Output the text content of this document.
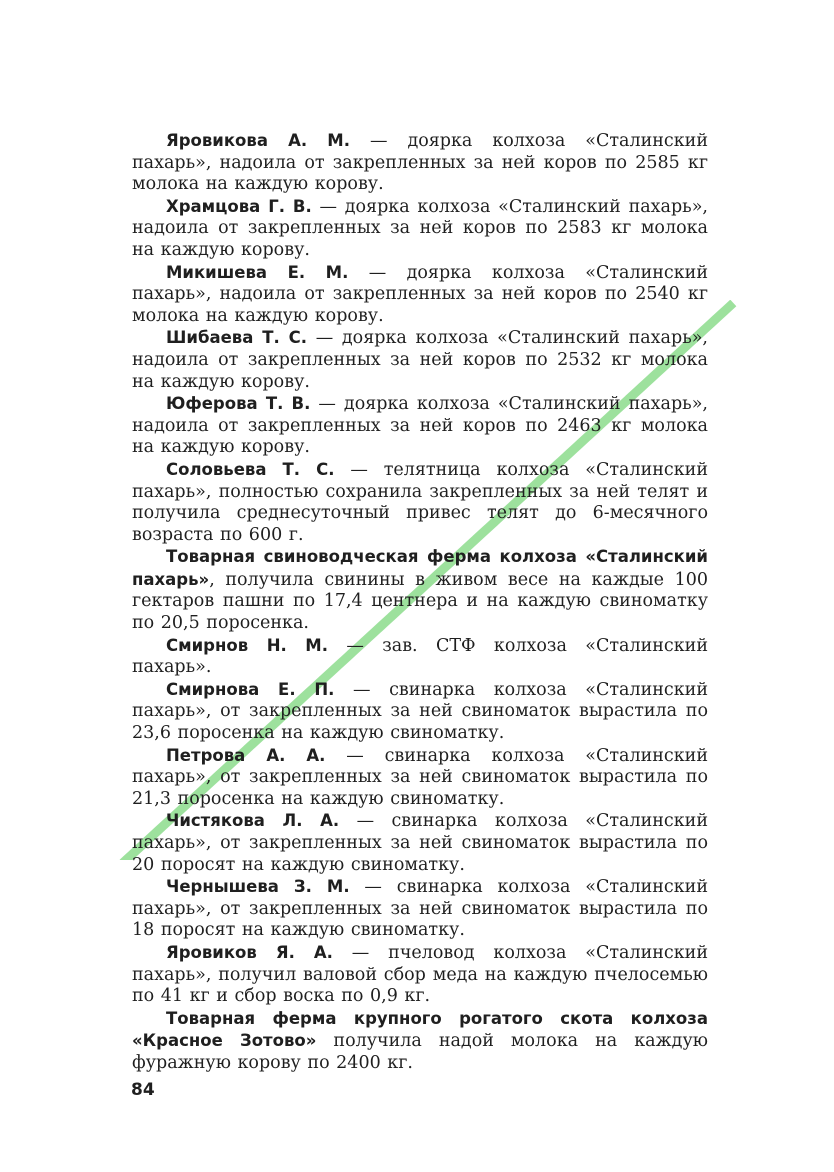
Яровикова А. М. — доярка колхоза «Сталинский пахарь», надоила от закрепленных за ней коров по 2585 кг молока на каждую корову.

Храмцова Г. В. — доярка колхоза «Сталинский пахарь», надоила от закрепленных за ней коров по 2583 кг молока на каждую корову.

Микишева Е. М. — доярка колхоза «Сталинский пахарь», надоила от закрепленных за ней коров по 2540 кг молока на каждую корову.

Шибаева Т. С. — доярка колхоза «Сталинский пахарь», надоила от закрепленных за ней коров по 2532 кг молока на каждую корову.

Юферова Т. В. — доярка колхоза «Сталинский пахарь», надоила от закрепленных за ней коров по 2463 кг молока на каждую корову.

Соловьева Т. С. — телятница колхоза «Сталинский пахарь», полностью сохранила закрепленных за ней телят и получила среднесуточный привес телят до 6-месячного возраста по 600 г.

Товарная свиноводческая ферма колхоза «Сталинский пахарь», получила свинины в живом весе на каждые 100 гектаров пашни по 17,4 центнера и на каждую свиноматку по 20,5 поросенка.

Смирнов Н. М. — зав. СТФ колхоза «Сталинский пахарь».

Смирнова Е. П. — свинарка колхоза «Сталинский пахарь», от закрепленных за ней свиноматок вырастила по 23,6 поросенка на каждую свиноматку.

Петрова А. А. — свинарка колхоза «Сталинский пахарь», от закрепленных за ней свиноматок вырастила по 21,3 поросенка на каждую свиноматку.

Чистякова Л. А. — свинарка колхоза «Сталинский пахарь», от закрепленных за ней свиноматок вырастила по 20 поросят на каждую свиноматку.

Чернышева З. М. — свинарка колхоза «Сталинский пахарь», от закрепленных за ней свиноматок вырастила по 18 поросят на каждую свиноматку.

Яровиков Я. А. — пчеловод колхоза «Сталинский пахарь», получил валовой сбор меда на каждую пчелосемью по 41 кг и сбор воска по 0,9 кг.

Товарная ферма крупного рогатого скота колхоза «Красное Зотово» получила надой молока на каждую фуражную корову по 2400 кг.

84
